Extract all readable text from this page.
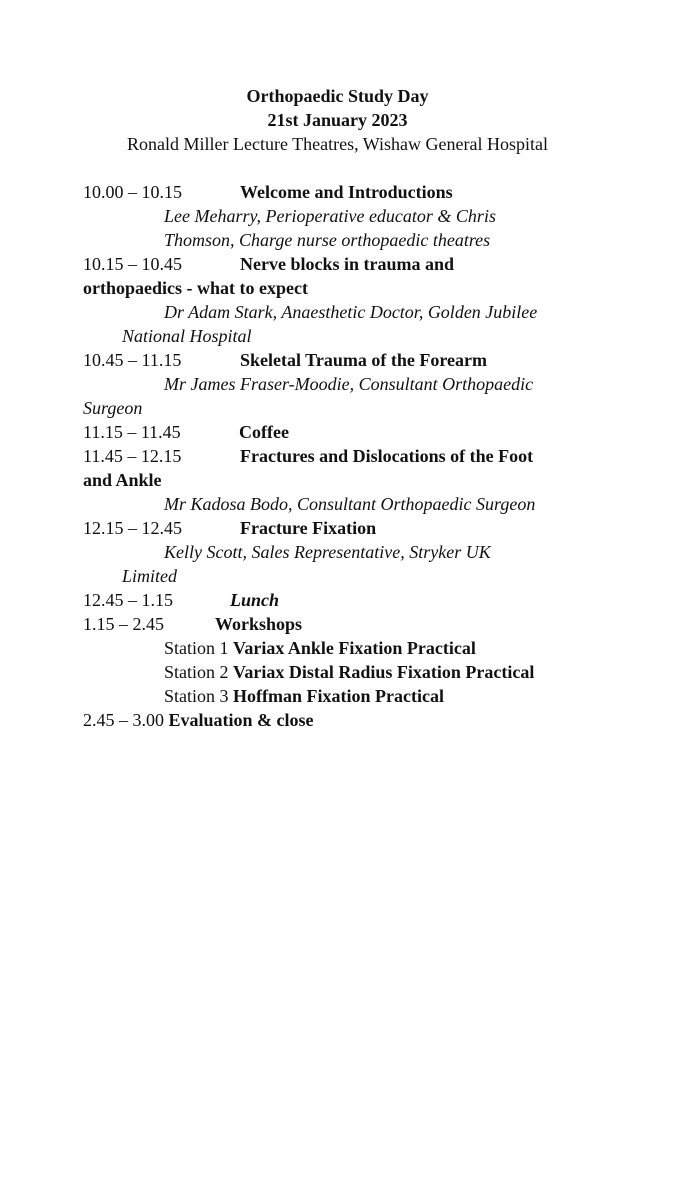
Orthopaedic Study Day
21st January 2023
Ronald Miller Lecture Theatres, Wishaw General Hospital
10.00 – 10.15	Welcome and Introductions
Lee Meharry, Perioperative educator & Chris
Thomson, Charge nurse orthopaedic theatres
10.15 – 10.45	Nerve blocks in trauma and
orthopaedics - what to expect
Dr Adam Stark, Anaesthetic Doctor, Golden Jubilee
National Hospital
10.45 – 11.15	Skeletal Trauma of the Forearm
Mr James Fraser-Moodie, Consultant Orthopaedic
Surgeon
11.15 – 11.45	Coffee
11.45 – 12.15	Fractures and Dislocations of the Foot
and Ankle
Mr Kadosa Bodo, Consultant Orthopaedic Surgeon
12.15 – 12.45	Fracture Fixation
Kelly Scott, Sales Representative, Stryker UK
Limited
12.45 – 1.15	Lunch
1.15 – 2.45	Workshops
Station 1 Variax Ankle Fixation Practical
Station 2 Variax Distal Radius Fixation Practical
Station 3 Hoffman Fixation Practical
2.45 – 3.00 Evaluation & close
